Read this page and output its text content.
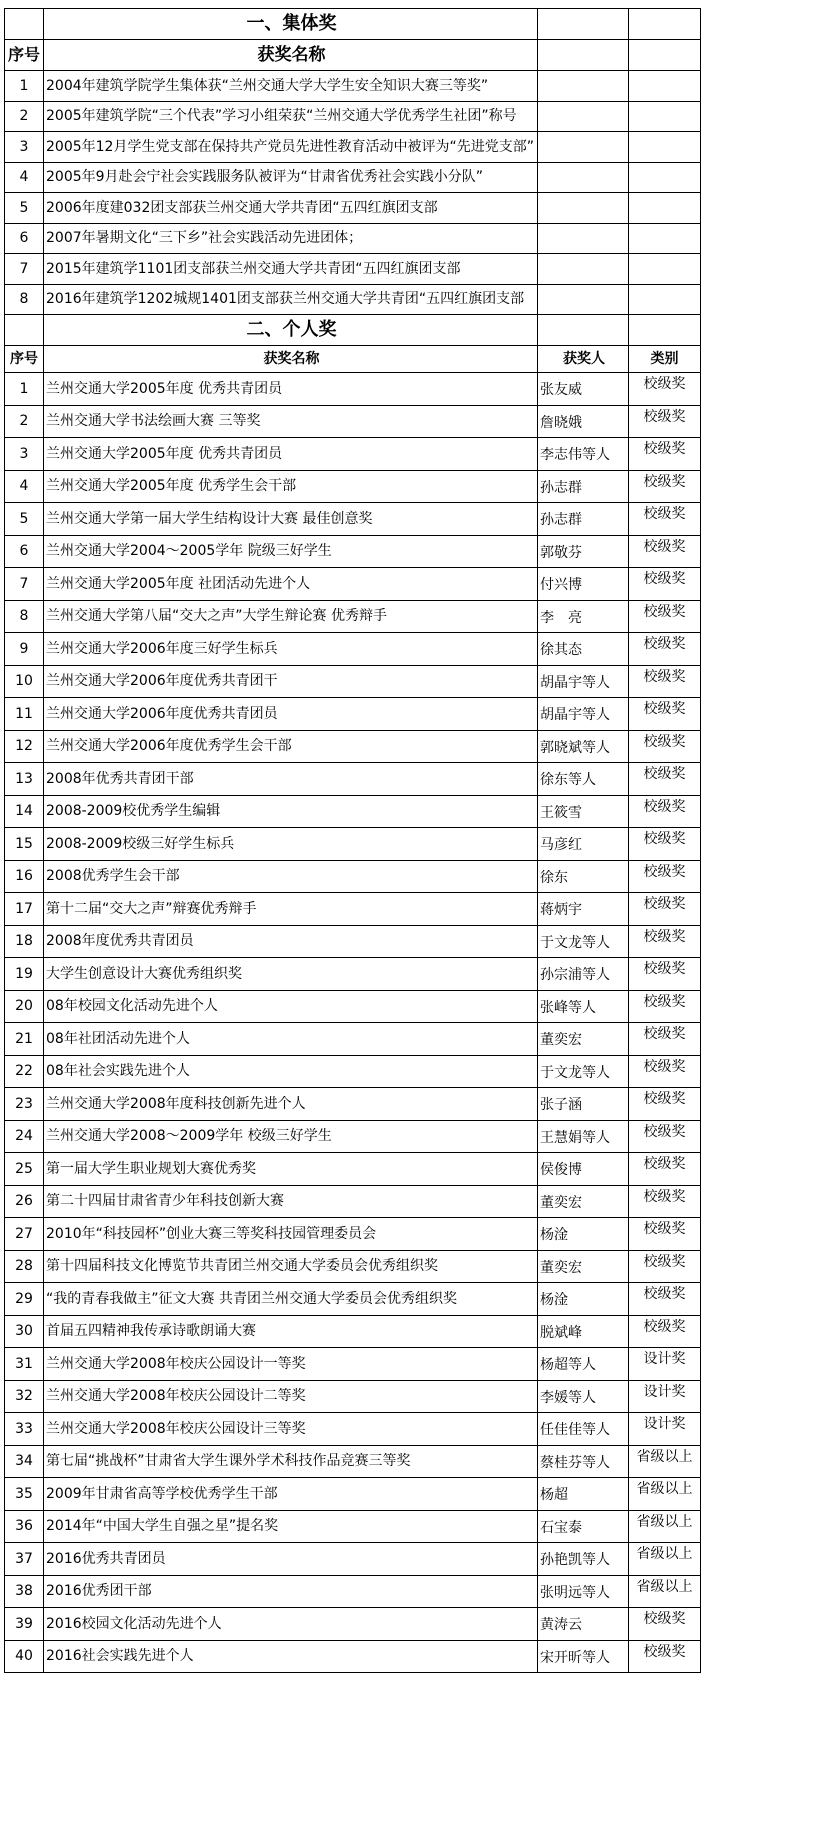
	一、集体奖		
序号	获奖名称		
1	2004年建筑学院学生集体获“兰州交通大学大学生安全知识大赛三等奖”		
2	2005年建筑学院“三个代表”学习小组荣获“兰州交通大学优秀学生社团”称号		
3	2005年12月学生党支部在保持共产党员先进性教育活动中被评为“先进党支部”		
4	2005年9月赴会宁社会实践服务队被评为“甘肃省优秀社会实践小分队”		
5	2006年度建032团支部获兰州交通大学共青团“五四红旗团支部		
6	2007年暑期文化“三下乡”社会实践活动先进团体；		
7	2015年建筑学1101团支部获兰州交通大学共青团“五四红旗团支部		
8	2016年建筑学1202城规1401团支部获兰州交通大学共青团“五四红旗团支部		
	二、个人奖		
序号	获奖名称	获奖人	类别
1	兰州交通大学2005年度 优秀共青团员	张友威	校级奖
2	兰州交通大学书法绘画大赛 三等奖	詹晓娥	校级奖
3	兰州交通大学2005年度 优秀共青团员	李志伟等人	校级奖
4	兰州交通大学2005年度 优秀学生会干部	孙志群	校级奖
5	兰州交通大学第一届大学生结构设计大赛 最佳创意奖	孙志群	校级奖
6	兰州交通大学2004～2005学年 院级三好学生	郭敬芬	校级奖
7	兰州交通大学2005年度 社团活动先进个人	付兴博	校级奖
8	兰州交通大学第八届“交大之声”大学生辩论赛 优秀辩手	李　亮	校级奖
9	兰州交通大学2006年度三好学生标兵	徐其态	校级奖
10	兰州交通大学2006年度优秀共青团干	胡晶宇等人	校级奖
11	兰州交通大学2006年度优秀共青团员	胡晶宇等人	校级奖
12	兰州交通大学2006年度优秀学生会干部	郭晓斌等人	校级奖
13	2008年优秀共青团干部	徐东等人	校级奖
14	2008-2009校优秀学生编辑	王筱雪	校级奖
15	2008-2009校级三好学生标兵	马彦红	校级奖
16	2008优秀学生会干部	徐东	校级奖
17	第十二届“交大之声”辩赛优秀辩手	蒋炳宇	校级奖
18	2008年度优秀共青团员	于文龙等人	校级奖
19	大学生创意设计大赛优秀组织奖	孙宗浦等人	校级奖
20	08年校园文化活动先进个人	张峰等人	校级奖
21	08年社团活动先进个人	董奕宏	校级奖
22	08年社会实践先进个人	于文龙等人	校级奖
23	兰州交通大学2008年度科技创新先进个人	张子涵	校级奖
24	兰州交通大学2008～2009学年 校级三好学生	王慧娟等人	校级奖
25	第一届大学生职业规划大赛优秀奖	侯俊博	校级奖
26	第二十四届甘肃省青少年科技创新大赛	董奕宏	校级奖
27	2010年“科技园杯”创业大赛三等奖科技园管理委员会	杨淦	校级奖
28	第十四届科技文化博览节共青团兰州交通大学委员会优秀组织奖	董奕宏	校级奖
29	“我的青春我做主”征文大赛 共青团兰州交通大学委员会优秀组织奖	杨淦	校级奖
30	首届五四精神我传承诗歌朗诵大赛	脱斌峰	校级奖
31	兰州交通大学2008年校庆公园设计一等奖	杨超等人	设计奖
32	兰州交通大学2008年校庆公园设计二等奖	李媛等人	设计奖
33	兰州交通大学2008年校庆公园设计三等奖	任佳佳等人	设计奖
34	第七届“挑战杯”甘肃省大学生课外学术科技作品竞赛三等奖	蔡桂芬等人	省级以上
35	2009年甘肃省高等学校优秀学生干部	杨超	省级以上
36	2014年“中国大学生自强之星”提名奖	石宝泰	省级以上
37	2016优秀共青团员	孙艳凯等人	省级以上
38	2016优秀团干部	张明远等人	省级以上
39	2016校园文化活动先进个人	黄涛云	校级奖
40	2016社会实践先进个人	宋开昕等人	校级奖
